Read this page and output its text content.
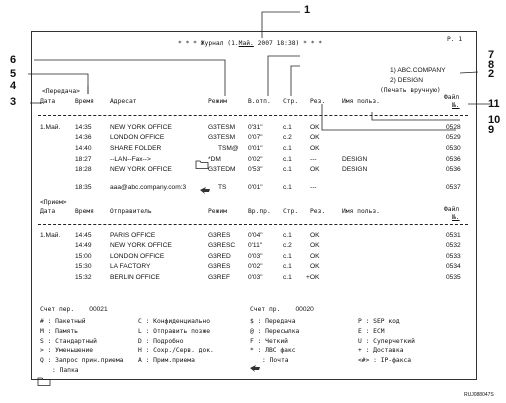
P. 1
* * * Журнал (1.Май. 2007 18:38) * * *
1) ABC.COMPANY
2) DESIGN
(Печать вручную)
<Передача>
Дата	Время	Адресат	Режим	В.отп. Стр. Рез.	Имя польз.
Файл
№.
1.Май. 14:35	NEW YORK OFFICE	G3TESM 0'31"	c.1	OK	0528
14:36	LONDON OFFICE	G3TESM 0'07"	c.2	OK	0529
14:40	SHARE FOLDER	TSM@ 0'01"	c.1	OK	0530
18:27	--LAN--Fax-->	*DM	0'02"	c.1	---	DESIGN	0536
18:28	NEW YORK OFFICE	G3TEDM 0'53"	c.1	OK	DESIGN	0536
18:35	aaa@abc.company.com:3	TS	0'01"	c.1	---	0537
<Прием>
Дата	Время	Отправитель	Режим	Вр.пр. Стр. Рез.	Имя польз.	Файл
№.
1.Май. 14:45	PARIS OFFICE	G3RES	0'04"	c.1	OK	0531
14:49	NEW YORK OFFICE	G3RESC 0'11"	c.2	OK	0532
15:00	LONDON OFFICE	G3RED	0'03"	c.1	OK	0533
15:30	LA FACTORY	G3RES	0'02"	c.1	OK	0534
15:32	BERLIN OFFICE	G3REF	0'03"	c.1 +OK	0535
Счет пер. 00021	Счет пр. 00020
# : Пакетный
M : Память
S : Стандартный
> : Уменьшение
Q : Запрос прин.приема
: Папка
C : Конфиденциально
L : Отправить позже
D : Подробно
H : Сохр./Серв. док.
A : Прим.приема
$ : Передача
@ : Пересылка
F : Четкий
* : ЛВС факс
: Почта
P : SEP код
E : ECM
U : Суперчеткий
+ : Доставка
<#> : IP-факса
1
2
3
4
5
6	7
8
9
10
11
RUJ088047S
